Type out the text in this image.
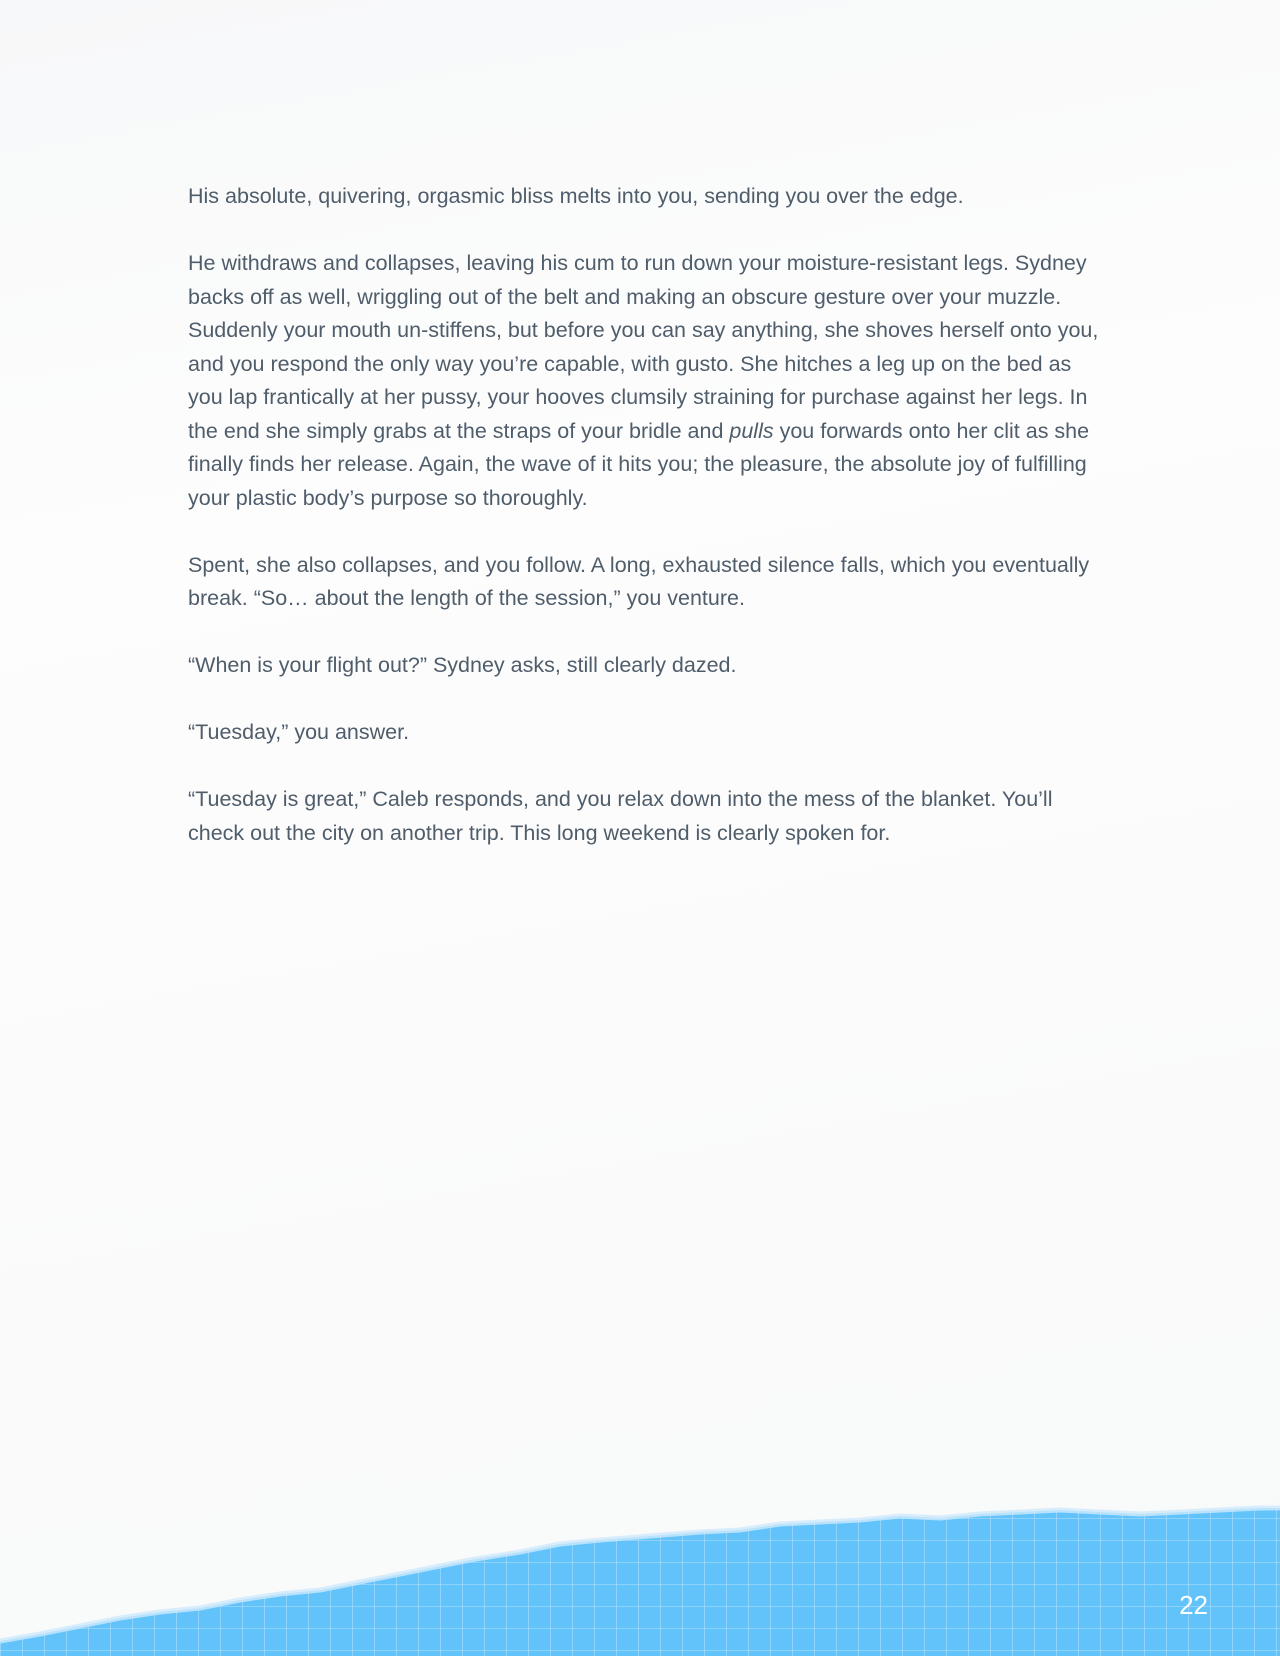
His absolute, quivering, orgasmic bliss melts into you, sending you over the edge.

He withdraws and collapses, leaving his cum to run down your moisture-resistant legs. Sydney backs off as well, wriggling out of the belt and making an obscure gesture over your muzzle. Suddenly your mouth un-stiffens, but before you can say anything, she shoves herself onto you, and you respond the only way you’re capable, with gusto. She hitches a leg up on the bed as you lap frantically at her pussy, your hooves clumsily straining for purchase against her legs. In the end she simply grabs at the straps of your bridle and pulls you forwards onto her clit as she finally finds her release. Again, the wave of it hits you; the pleasure, the absolute joy of fulfilling your plastic body’s purpose so thoroughly.

Spent, she also collapses, and you follow. A long, exhausted silence falls, which you eventually break. “So… about the length of the session,” you venture.

“When is your flight out?” Sydney asks, still clearly dazed.

“Tuesday,” you answer.

“Tuesday is great,” Caleb responds, and you relax down into the mess of the blanket. You’ll check out the city on another trip. This long weekend is clearly spoken for.

22
